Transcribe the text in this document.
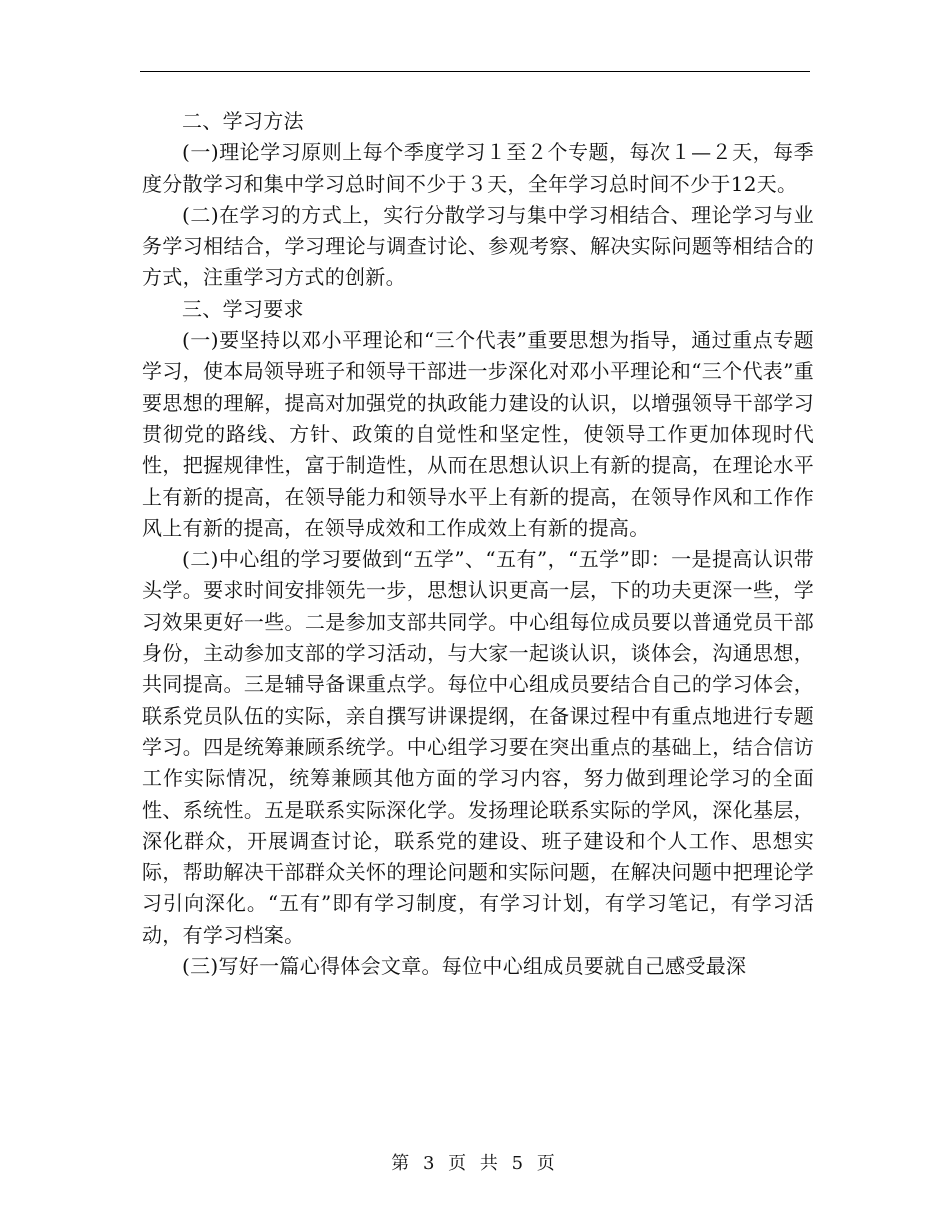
二、学习方法

(一)理论学习原则上每个季度学习１至２个专题，每次１—２天，每季度分散学习和集中学习总时间不少于３天，全年学习总时间不少于12天。

(二)在学习的方式上，实行分散学习与集中学习相结合、理论学习与业务学习相结合，学习理论与调查讨论、参观考察、解决实际问题等相结合的方式，注重学习方式的创新。

三、学习要求

(一)要坚持以邓小平理论和“三个代表”重要思想为指导，通过重点专题学习，使本局领导班子和领导干部进一步深化对邓小平理论和“三个代表”重要思想的理解，提高对加强党的执政能力建设的认识，以增强领导干部学习贯彻党的路线、方针、政策的自觉性和坚定性，使领导工作更加体现时代性，把握规律性，富于制造性，从而在思想认识上有新的提高，在理论水平上有新的提高，在领导能力和领导水平上有新的提高，在领导作风和工作作风上有新的提高，在领导成效和工作成效上有新的提高。

(二)中心组的学习要做到“五学”、“五有”，“五学”即：一是提高认识带头学。要求时间安排领先一步，思想认识更高一层，下的功夫更深一些，学习效果更好一些。二是参加支部共同学。中心组每位成员要以普通党员干部身份，主动参加支部的学习活动，与大家一起谈认识，谈体会，沟通思想，共同提高。三是辅导备课重点学。每位中心组成员要结合自己的学习体会，联系党员队伍的实际，亲自撰写讲课提纲，在备课过程中有重点地进行专题学习。四是统筹兼顾系统学。中心组学习要在突出重点的基础上，结合信访工作实际情况，统筹兼顾其他方面的学习内容，努力做到理论学习的全面性、系统性。五是联系实际深化学。发扬理论联系实际的学风，深化基层，深化群众，开展调查讨论，联系党的建设、班子建设和个人工作、思想实际，帮助解决干部群众关怀的理论问题和实际问题，在解决问题中把理论学习引向深化。“五有”即有学习制度，有学习计划，有学习笔记，有学习活动，有学习档案。

(三)写好一篇心得体会文章。每位中心组成员要就自己感受最深

第 3 页 共 5 页
